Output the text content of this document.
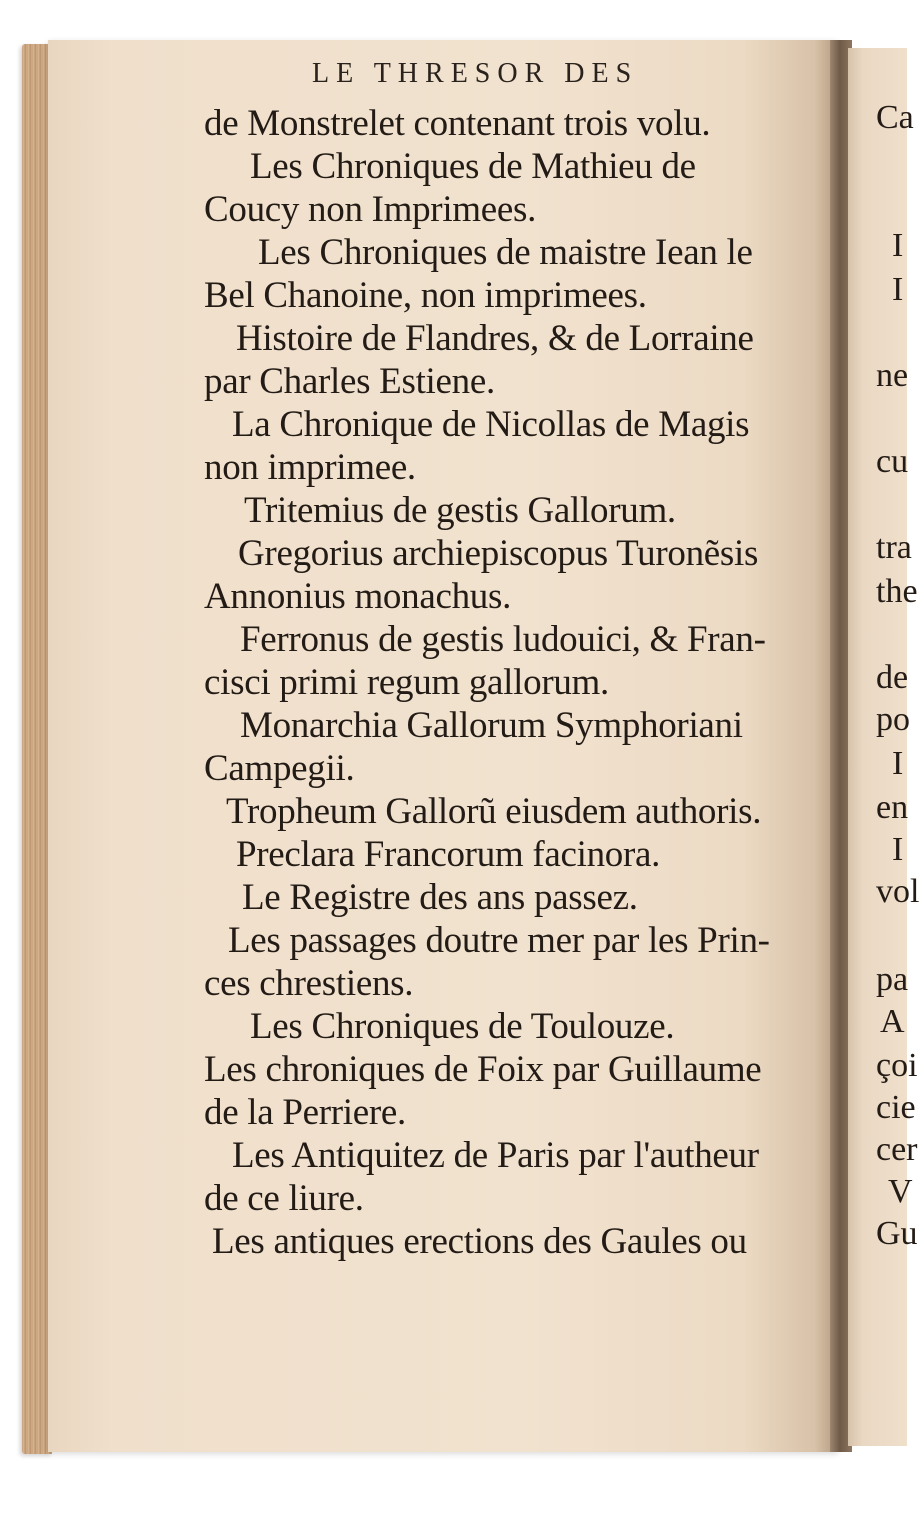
LE THRESOR DES

de Monstrelet contenant trois volu.

Les Chroniques de Mathieu de

Coucy non Imprimees.

Les Chroniques de maistre Iean le

Bel Chanoine, non imprimees.

Histoire de Flandres, & de Lorraine

par Charles Estiene.

La Chronique de Nicollas de Magis

non imprimee.

Tritemius de gestis Gallorum.

Gregorius archiepiscopus Turonẽsis

Annonius monachus.

Ferronus de gestis ludouici, & Fran-

cisci primi regum gallorum.

Monarchia Gallorum Symphoriani

Campegii.

Tropheum Gallorũ eiusdem authoris.

Preclara Francorum facinora.

Le Registre des ans passez.

Les passages doutre mer par les Prin-

ces chrestiens.

Les Chroniques de Toulouze.

Les chroniques de Foix par Guillaume

de la Perriere.

Les Antiquitez de Paris par l'autheur

de ce liure.

Les antiques erections des Gaules ou

Ca

I

I

ne

cu

tra

the

de

po

I

en

I

vol

pa

A

çoi

cie

cer

V

Gu
